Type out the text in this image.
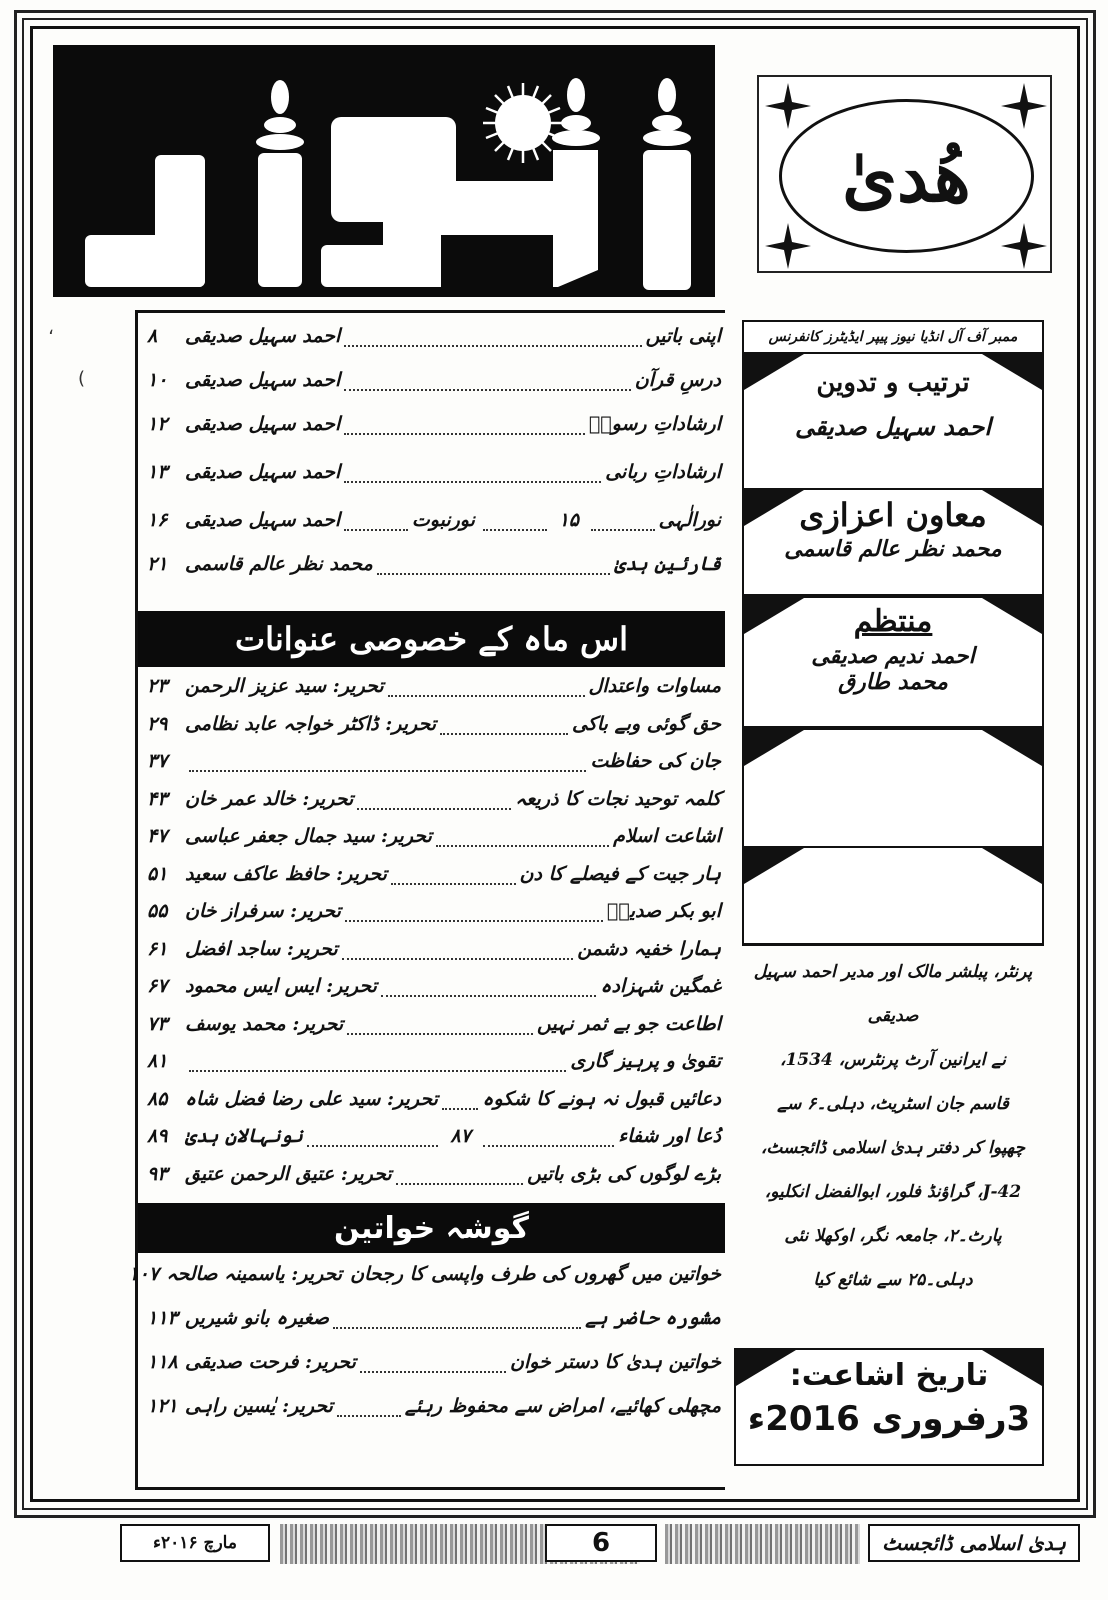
ھُدیٰ
اپنی باتیں
احمد سہیل صدیقی
۸
درسِ قرآن
احمد سہیل صدیقی
۱۰
ارشاداتِ رسولؐ
احمد سہیل صدیقی
۱۲
ارشاداتِ ربانی
احمد سہیل صدیقی
۱۳
نورالٰہی
۱۵
نورنبوت
احمد سہیل صدیقی
۱۶
قارئین ہدیٰ
محمد نظر عالم قاسمی
۲۱
اس ماہ کے خصوصی عنوانات
مساوات واعتدال
تحریر: سید عزیز الرحمن
۲۳
حق گوئی وبے باکی
تحریر: ڈاکٹر خواجہ عابد نظامی
۲۹
جان کی حفاظت
۳۷
کلمہ توحید نجات کا ذریعہ
تحریر: خالد عمر خان
۴۳
اشاعت اسلام
تحریر: سید جمال جعفر عباسی
۴۷
ہار جیت کے فیصلے کا دن
تحریر: حافظ عاکف سعید
۵۱
ابو بکر صدیقؓ
تحریر: سرفراز خان
۵۵
ہمارا خفیہ دشمن
تحریر: ساجد افضل
۶۱
غمگین شہزادہ
تحریر: ایس ایس محمود
۶۷
اطاعت جو بے ثمر نہیں
تحریر: محمد یوسف
۷۳
تقویٰ و پرہیز گاری
۸۱
دعائیں قبول نہ ہونے کا شکوہ
تحریر: سید علی رضا فضل شاہ
۸۵
دُعا اور شفاء
۸۷
نونہالانِ ہدیٰ
۸۹
بڑے لوگوں کی بڑی باتیں
تحریر: عتیق الرحمن عتیق
۹۳
گوشہ خواتین
خواتین میں گھروں کی طرف واپسی کا رجحان
تحریر: یاسمینہ صالحہ
۱۰۷
مشورہ حاضر ہے
صغیرہ بانو شیریں
۱۱۳
خواتین ہدیٰ کا دستر خوان
تحریر: فرحت صدیقی
۱۱۸
مچھلی کھائیے، امراض سے محفوظ رہئے
تحریر: یٰسین راہی
۱۲۱
ممبر آف آل انڈیا نیوز پیپر ایڈیٹرز کانفرنس
ترتیب و تدوین
احمد سہیل صدیقی
معاون اعزازی
محمد نظر عالم قاسمی
منتظم
احمد ندیم صدیقی
محمد طارق
پرنٹر، پبلشر مالک اور مدیر احمد سہیل صدیقی
نے ایرانین آرٹ پرنٹرس، 1534،
قاسم جان اسٹریٹ، دہلی۔۶ سے
چھپوا کر دفتر ہدیٰ اسلامی ڈائجسٹ،
J-42، گراؤنڈ فلور، ابوالفضل انکلیو،
پارٹ۔۲، جامعہ نگر، اوکھلا نئی
دہلی۔۲۵ سے شائع کیا
تاریخ اشاعت:
3رفروری 2016ء
،
(
مارچ ۲۰۱۶ء	6	ہدیٰ اسلامی ڈائجسٹ
